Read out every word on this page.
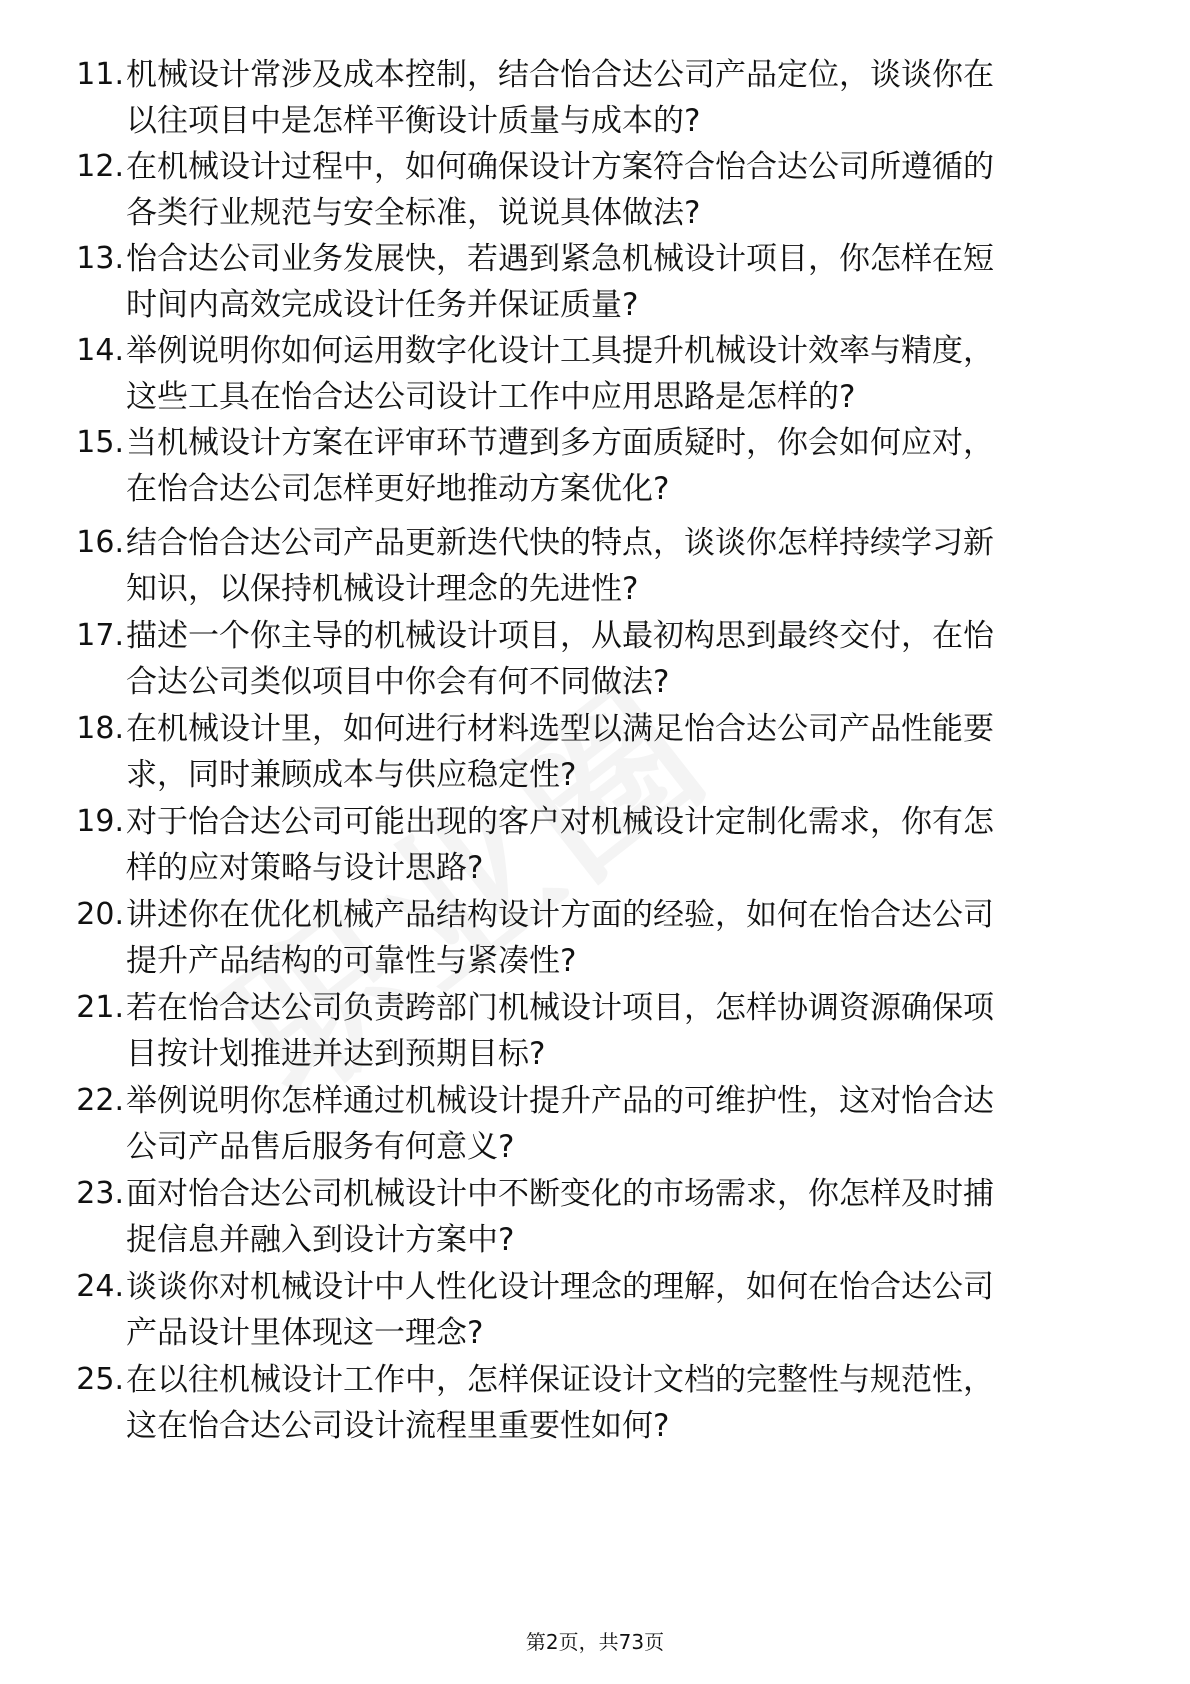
11. 机械设计常涉及成本控制，结合怡合达公司产品定位，谈谈你在
以往项目中是怎样平衡设计质量与成本的?
12. 在机械设计过程中，如何确保设计方案符合怡合达公司所遵循的
各类行业规范与安全标准，说说具体做法?
13. 怡合达公司业务发展快，若遇到紧急机械设计项目，你怎样在短
时间内高效完成设计任务并保证质量?
14. 举例说明你如何运用数字化设计工具提升机械设计效率与精度，
这些工具在怡合达公司设计工作中应用思路是怎样的?
15. 当机械设计方案在评审环节遭到多方面质疑时，你会如何应对，
在怡合达公司怎样更好地推动方案优化?
16. 结合怡合达公司产品更新迭代快的特点，谈谈你怎样持续学习新
知识，以保持机械设计理念的先进性?
17. 描述一个你主导的机械设计项目，从最初构思到最终交付，在怡
合达公司类似项目中你会有何不同做法?
18. 在机械设计里，如何进行材料选型以满足怡合达公司产品性能要
求，同时兼顾成本与供应稳定性?
19. 对于怡合达公司可能出现的客户对机械设计定制化需求，你有怎
样的应对策略与设计思路?
20. 讲述你在优化机械产品结构设计方面的经验，如何在怡合达公司
提升产品结构的可靠性与紧凑性?
21. 若在怡合达公司负责跨部门机械设计项目，怎样协调资源确保项
目按计划推进并达到预期目标?
22. 举例说明你怎样通过机械设计提升产品的可维护性，这对怡合达
公司产品售后服务有何意义?
23. 面对怡合达公司机械设计中不断变化的市场需求，你怎样及时捕
捉信息并融入到设计方案中?
24. 谈谈你对机械设计中人性化设计理念的理解，如何在怡合达公司
产品设计里体现这一理念?
25. 在以往机械设计工作中，怎样保证设计文档的完整性与规范性，
这在怡合达公司设计流程里重要性如何?
第2页，共73页
